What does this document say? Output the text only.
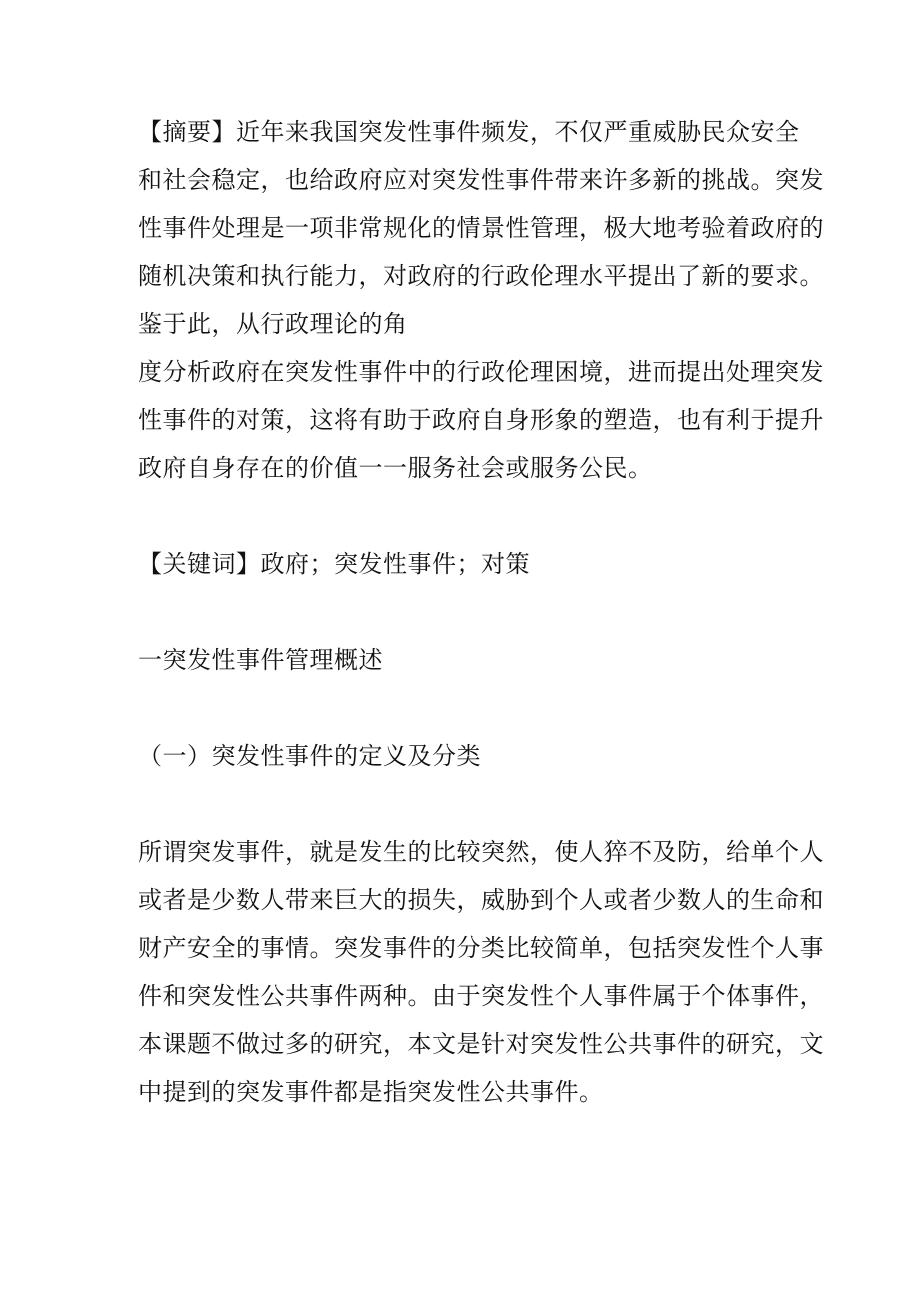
【摘要】近年来我国突发性事件频发，不仅严重威胁民众安全
和社会稳定，也给政府应对突发性事件带来许多新的挑战。突发
性事件处理是一项非常规化的情景性管理，极大地考验着政府的
随机决策和执行能力，对政府的行政伦理水平提出了新的要求。
鉴于此，从行政理论的角
度分析政府在突发性事件中的行政伦理困境，进而提出处理突发
性事件的对策，这将有助于政府自身形象的塑造，也有利于提升
政府自身存在的价值一一服务社会或服务公民。
【关键词】政府；突发性事件；对策
一突发性事件管理概述
（一）突发性事件的定义及分类
所谓突发事件，就是发生的比较突然，使人猝不及防，给单个人
或者是少数人带来巨大的损失，威胁到个人或者少数人的生命和
财产安全的事情。突发事件的分类比较简单，包括突发性个人事
件和突发性公共事件两种。由于突发性个人事件属于个体事件，
本课题不做过多的研究，本文是针对突发性公共事件的研究，文
中提到的突发事件都是指突发性公共事件。
